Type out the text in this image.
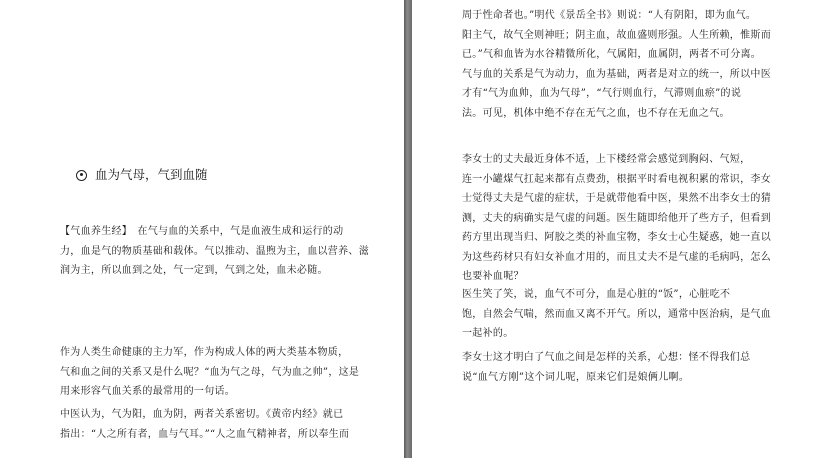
血为气母，气到血随

【气血养生经】　在气与血的关系中，气是血液生成和运行的动
力，血是气的物质基础和载体。气以推动、温煦为主，血以营养、滋
润为主，所以血到之处，气一定到，气到之处，血未必随。

作为人类生命健康的主力军，作为构成人体的两大类基本物质，
气和血之间的关系又是什么呢？“血为气之母，气为血之帅”，这是
用来形容气血关系的最常用的一句话。

中医认为，气为阳，血为阴，两者关系密切。《黄帝内经》就已
指出：“人之所有者，血与气耳。”“人之血气精神者，所以奉生而

周于性命者也。”明代《景岳全书》则说：“人有阴阳，即为血气。
阳主气，故气全则神旺；阴主血，故血盛则形强。人生所赖，惟斯而
已。”气和血皆为水谷精微所化，气属阳，血属阴，两者不可分离。
气与血的关系是气为动力，血为基础，两者是对立的统一，所以中医
才有“气为血帅，血为气母”，“气行则血行，气滞则血瘀”的说
法。可见，机体中绝不存在无气之血，也不存在无血之气。

李女士的丈夫最近身体不适，上下楼经常会感觉到胸闷、气短，
连一小罐煤气扛起来都有点费劲，根据平时看电视积累的常识，李女
士觉得丈夫是气虚的症状，于是就带他看中医，果然不出李女士的猜
测，丈夫的病确实是气虚的问题。医生随即给他开了些方子，但看到
药方里出现当归、阿胶之类的补血宝物，李女士心生疑惑，她一直以
为这些药材只有妇女补血才用的，而且丈夫不是气虚的毛病吗，怎么
也要补血呢？

医生笑了笑，说，血气不可分，血是心脏的“饭”，心脏吃不
饱，自然会气喘，然而血又离不开气。所以，通常中医治病，是气血
一起补的。

李女士这才明白了气血之间是怎样的关系，心想：怪不得我们总
说“血气方刚”这个词儿呢，原来它们是娘俩儿啊。
